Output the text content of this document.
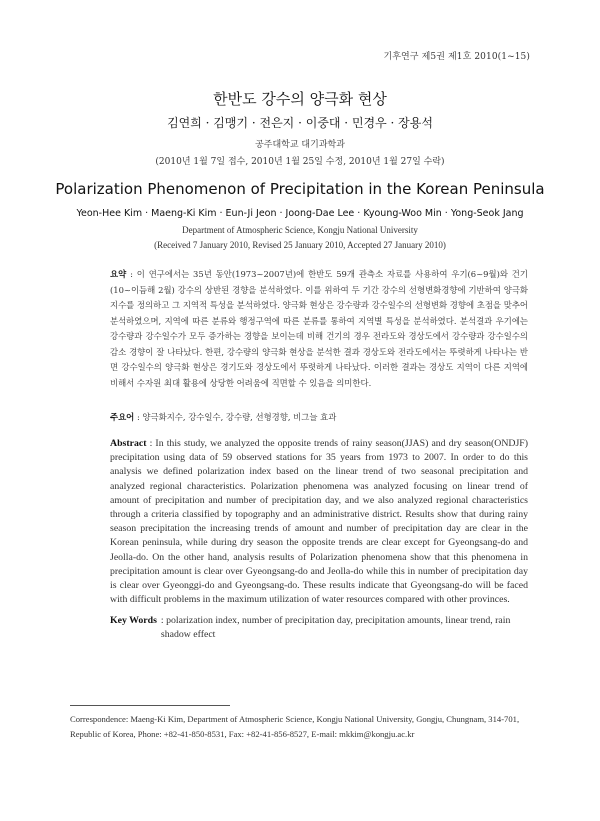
기후연구 제5권 제1호 2010(1~15)
한반도 강수의 양극화 현상
김연희 · 김맹기 · 전은지 · 이중대 · 민경우 · 장용석
공주대학교 대기과학과
(2010년 1월 7일 접수, 2010년 1월 25일 수정, 2010년 1월 27일 수락)
Polarization Phenomenon of Precipitation in the Korean Peninsula
Yeon-Hee Kim · Maeng-Ki Kim · Eun-Ji Jeon · Joong-Dae Lee · Kyoung-Woo Min · Yong-Seok Jang
Department of Atmospheric Science, Kongju National University
(Received 7 January 2010, Revised 25 January 2010, Accepted 27 January 2010)
요약 : 이 연구에서는 35년 동안(1973~2007년)에 한반도 59개 관측소 자료를 사용하여 우기(6~9월)와 건기(10~이듬해 2월) 강수의 상반된 경향을 분석하였다. 이를 위하여 두 기간 강수의 선형변화경향에 기반하여 양극화지수를 정의하고 그 지역적 특성을 분석하였다. 양극화 현상은 강수량과 강수일수의 선형변화 경향에 초점을 맞추어 분석하였으며, 지역에 따른 분류와 행정구역에 따른 분류를 통하여 지역별 특성을 분석하였다. 분석결과 우기에는 강수량과 강수일수가 모두 증가하는 경향을 보이는데 비해 건기의 경우 전라도와 경상도에서 강수량과 강수일수의 감소 경향이 잘 나타났다. 한편, 강수량의 양극화 현상을 분석한 결과 경상도와 전라도에서는 뚜렷하게 나타나는 반면 강수일수의 양극화 현상은 경기도와 경상도에서 뚜렷하게 나타났다. 이러한 결과는 경상도 지역이 다른 지역에 비해서 수자원 최대 활용에 상당한 어려움에 직면할 수 있음을 의미한다.
주요어 : 양극화지수, 강수일수, 강수량, 선형경향, 비그늘 효과
Abstract : In this study, we analyzed the opposite trends of rainy season(JJAS) and dry season(ONDJF) precipitation using data of 59 observed stations for 35 years from 1973 to 2007. In order to do this analysis we defined polarization index based on the linear trend of two seasonal precipitation and analyzed regional characteristics. Polarization phenomena was analyzed focusing on linear trend of amount of precipitation and number of precipitation day, and we also analyzed regional characteristics through a criteria classified by topography and an administrative district. Results show that during rainy season precipitation the increasing trends of amount and number of precipitation day are clear in the Korean peninsula, while during dry season the opposite trends are clear except for Gyeongsang-do and Jeolla-do. On the other hand, analysis results of Polarization phenomena show that this phenomena in precipitation amount is clear over Gyeongsang-do and Jeolla-do while this in number of precipitation day is clear over Gyeonggi-do and Gyeongsang-do. These results indicate that Gyeongsang-do will be faced with difficult problems in the maximum utilization of water resources compared with other provinces.
Key Words : polarization index, number of precipitation day, precipitation amounts, linear trend, rain shadow effect
Correspondence: Maeng-Ki Kim, Department of Atmospheric Science, Kongju National University, Gongju, Chungnam, 314-701, Republic of Korea, Phone: +82-41-850-8531, Fax: +82-41-856-8527, E-mail: mkkim@kongju.ac.kr
